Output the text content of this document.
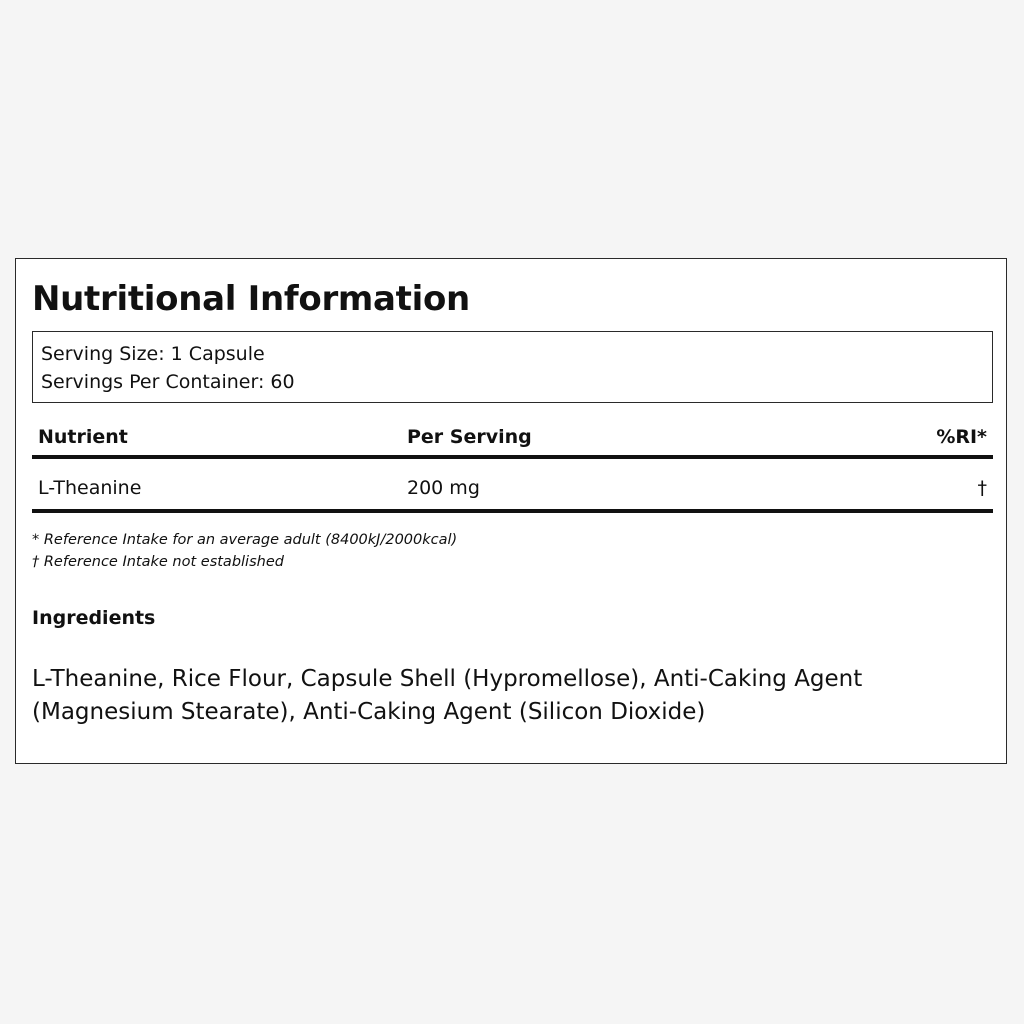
Nutritional Information
Serving Size: 1 Capsule
Servings Per Container: 60
Nutrient	Per Serving	%RI*
L-Theanine	200 mg	†
* Reference Intake for an average adult (8400kJ/2000kcal)
† Reference Intake not established
Ingredients
L-Theanine, Rice Flour, Capsule Shell (Hypromellose), Anti-Caking Agent (Magnesium Stearate), Anti-Caking Agent (Silicon Dioxide)
